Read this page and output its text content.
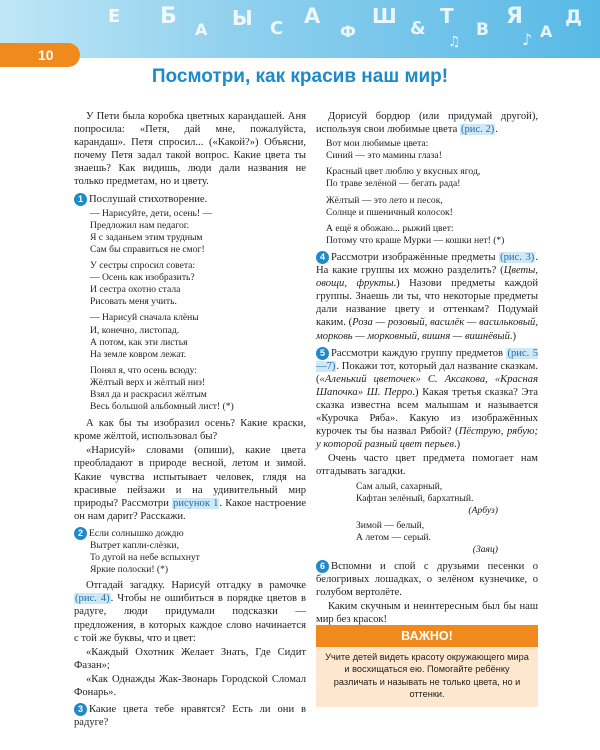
E Б
А Ы С
А
Ф
Ш
&
Т
В
Я
А
Д
♪
♫
10
Посмотри, как красив наш мир!

У Пети была коробка цветных карандашей. Аня попросила: «Петя, дай мне, пожалуйста, карандаш». Петя спросил... («Какой?») Объясни, почему Петя задал такой вопрос. Какие цвета ты знаешь? Как видишь, люди дали названия не только предметам, но и цвету.

1 Послушай стихотворение.

— Нарисуйте, дети, осень! —
Предложил нам педагог.
Я с заданьем этим трудным
Сам бы справиться не смог!
У сестры спросил совета:
— Осень как изобразить?
И сестра охотно стала
Рисовать меня учить.
— Нарисуй сначала клёны
И, конечно, листопад.
А потом, как эти листья
На земле ковром лежат.
Понял я, что осень всюду:
Жёлтый верх и жёлтый низ!
Взял да и раскрасил жёлтым
Весь большой альбомный лист! (*)

А как бы ты изобразил осень? Какие краски, кроме жёлтой, использовал бы?

«Нарисуй» словами (опиши), какие цвета преобладают в природе весной, летом и зимой. Какие чувства испытывает человек, глядя на красивые пейзажи и на удивительный мир природы? Рассмотри рисунок 1. Какое настроение он нам дарит? Расскажи.

2 Если солнышко дождю
Вытрет капли-слёзки,
То дугой на небе вспыхнут
Яркие полоски! (*)

Отгадай загадку. Нарисуй отгадку в рамочке (рис. 4). Чтобы не ошибиться в порядке цветов в радуге, люди придумали подсказки — предложения, в которых каждое слово начинается с той же буквы, что и цвет:

«Каждый Охотник Желает Знать, Где Сидит Фазан»;

«Как Однажды Жак-Звонарь Городской Сломал Фонарь».

3 Какие цвета тебе нравятся? Есть ли они в радуге?

Дорисуй бордюр (или придумай другой), используя свои любимые цвета (рис. 2).

Вот мои любимые цвета:
Синий — это мамины глаза!
Красный цвет люблю у вкусных ягод,
По траве зелёной — бегать рада!
Жёлтый — это лето и песок,
Солнце и пшеничный колосок!
А ещё я обожаю... рыжий цвет:
Потому что краше Мурки — кошки нет! (*)

4 Рассмотри изображённые предметы (рис. 3). На какие группы их можно разделить? (Цветы, овощи, фрукты.) Назови предметы каждой группы. Знаешь ли ты, что некоторые предметы дали название цвету и оттенкам? Подумай каким. (Роза — розовый, василёк — васильковый, морковь — морковный, вишня — вишнёвый.)

5 Рассмотри каждую группу предметов (рис. 5—7). Покажи тот, который дал название сказкам. («Аленький цветочек» С. Аксакова, «Красная Шапочка» Ш. Перро.) Какая третья сказка? Эта сказка известна всем малышам и называется «Курочка Ряба». Какую из изображённых курочек ты бы назвал Рябой? (Пёструю, рябую; у которой разный цвет перьев.)

Очень часто цвет предмета помогает нам отгадывать загадки.

Сам алый, сахарный,
Кафтан зелёный, бархатный.
(Арбуз)
Зимой — белый,
А летом — серый.
(Заяц)

6 Вспомни и спой с друзьями песенки о белогривых лошадках, о зелёном кузнечике, о голубом вертолёте.

Каким скучным и неинтересным был бы наш мир без красок!

ВАЖНО!
Учите детей видеть красоту окружающего мира и восхищаться ею. Помогайте ребёнку различать и называть не только цвета, но и оттенки.
